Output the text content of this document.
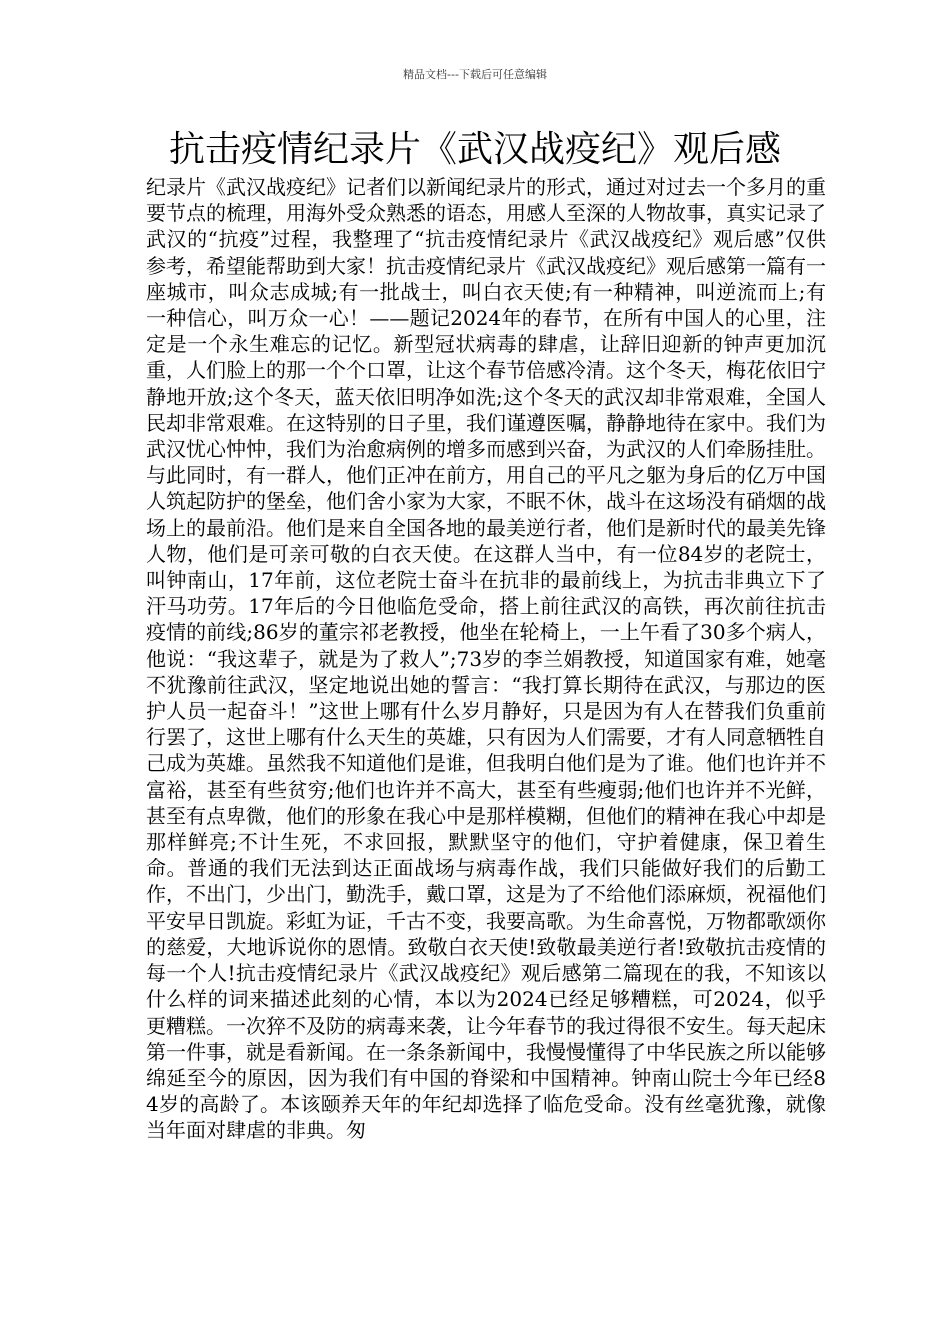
精品文档---下载后可任意编辑
抗击疫情纪录片《武汉战疫纪》观后感

纪录片《武汉战疫纪》记者们以新闻纪录片的形式，通过对过去一个多月的重要节点的梳理，用海外受众熟悉的语态，用感人至深的人物故事，真实记录了武汉的“抗疫”过程，我整理了“抗击疫情纪录片《武汉战疫纪》观后感”仅供参考，希望能帮助到大家！抗击疫情纪录片《武汉战疫纪》观后感第一篇有一座城市，叫众志成城;有一批战士，叫白衣天使;有一种精神，叫逆流而上;有一种信心，叫万众一心！——题记2024年的春节，在所有中国人的心里，注定是一个永生难忘的记忆。新型冠状病毒的肆虐，让辞旧迎新的钟声更加沉重，人们脸上的那一个个口罩，让这个春节倍感冷清。这个冬天，梅花依旧宁静地开放;这个冬天，蓝天依旧明净如洗;这个冬天的武汉却非常艰难，全国人民却非常艰难。在这特别的日子里，我们谨遵医嘱，静静地待在家中。我们为武汉忧心忡忡，我们为治愈病例的增多而感到兴奋，为武汉的人们牵肠挂肚。与此同时，有一群人，他们正冲在前方，用自己的平凡之躯为身后的亿万中国人筑起防护的堡垒，他们舍小家为大家，不眠不休，战斗在这场没有硝烟的战场上的最前沿。他们是来自全国各地的最美逆行者，他们是新时代的最美先锋人物，他们是可亲可敬的白衣天使。在这群人当中，有一位84岁的老院士，叫钟南山，17年前，这位老院士奋斗在抗非的最前线上，为抗击非典立下了汗马功劳。17年后的今日他临危受命，搭上前往武汉的高铁，再次前往抗击疫情的前线;86岁的董宗祁老教授，他坐在轮椅上，一上午看了30多个病人，他说：“我这辈子，就是为了救人”;73岁的李兰娟教授，知道国家有难，她毫不犹豫前往武汉，坚定地说出她的誓言：“我打算长期待在武汉，与那边的医护人员一起奋斗！”这世上哪有什么岁月静好，只是因为有人在替我们负重前行罢了，这世上哪有什么天生的英雄，只有因为人们需要，才有人同意牺牲自己成为英雄。虽然我不知道他们是谁，但我明白他们是为了谁。他们也许并不富裕，甚至有些贫穷;他们也许并不高大，甚至有些瘦弱;他们也许并不光鲜，甚至有点卑微，他们的形象在我心中是那样模糊，但他们的精神在我心中却是那样鲜亮;不计生死，不求回报，默默坚守的他们，守护着健康，保卫着生命。普通的我们无法到达正面战场与病毒作战，我们只能做好我们的后勤工作，不出门，少出门，勤洗手，戴口罩，这是为了不给他们添麻烦，祝福他们平安早日凯旋。彩虹为证，千古不变，我要高歌。为生命喜悦，万物都歌颂你的慈爱，大地诉说你的恩情。致敬白衣天使!致敬最美逆行者!致敬抗击疫情的每一个人!抗击疫情纪录片《武汉战疫纪》观后感第二篇现在的我，不知该以什么样的词来描述此刻的心情，本以为2024已经足够糟糕，可2024，似乎更糟糕。一次猝不及防的病毒来袭，让今年春节的我过得很不安生。每天起床第一件事，就是看新闻。在一条条新闻中，我慢慢懂得了中华民族之所以能够绵延至今的原因，因为我们有中国的脊梁和中国精神。钟南山院士今年已经84岁的高龄了。本该颐养天年的年纪却选择了临危受命。没有丝毫犹豫，就像当年面对肆虐的非典。匆
